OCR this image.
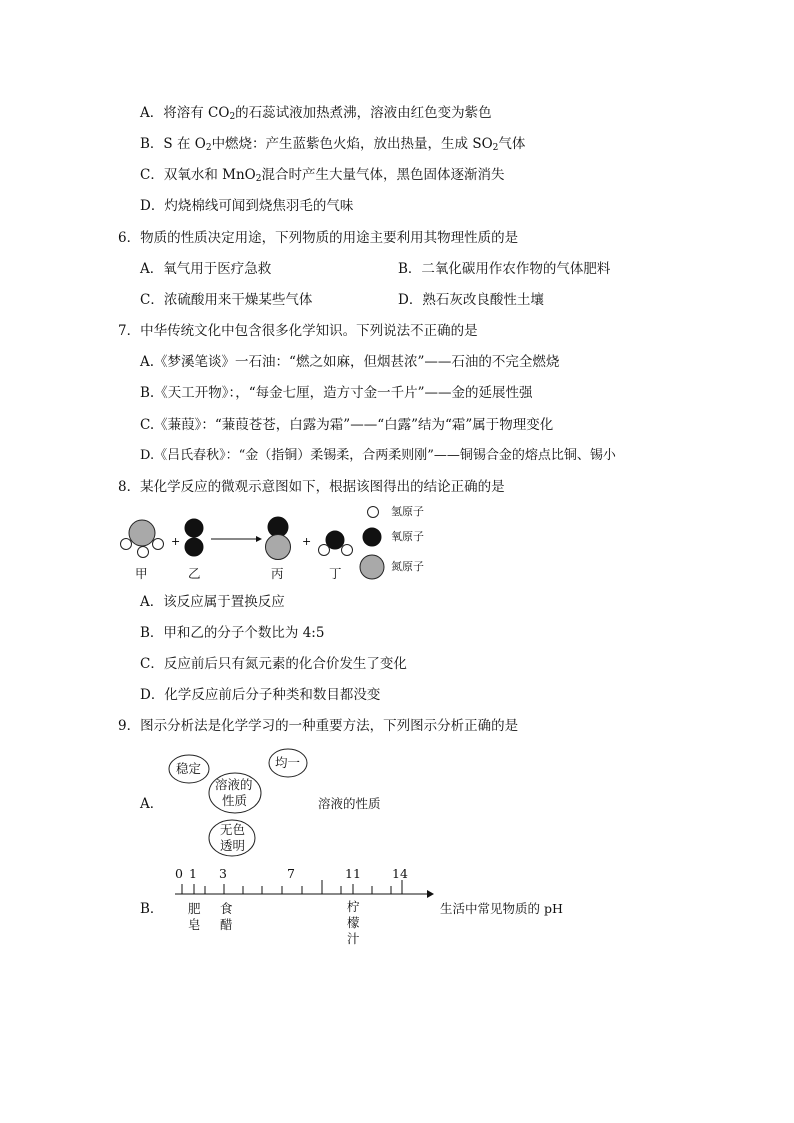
A．将溶有 $CO_2$的石蕊试液加热煮沸，溶液由红色变为紫色
B．S 在 $O_2$中燃烧：产生蓝紫色火焰，放出热量，生成 $SO_2$气体
C．双氧水和 MnO$_2$混合时产生大量气体，黑色固体逐渐消失
D．灼烧棉线可闻到烧焦羽毛的气味
6．物质的性质决定用途，下列物质的用途主要利用其物理性质的是
A．氧气用于医疗急救	B．二氧化碳用作农作物的气体肥料
C．浓硫酸用来干燥某些气体	D．熟石灰改良酸性土壤
7．中华传统文化中包含很多化学知识。下列说法不正确的是
A.《梦溪笔谈》一石油：“燃之如麻，但烟甚浓”——石油的不完全燃烧
B.《天工开物》：，“每金七厘，造方寸金一千片”——金的延展性强
C.《蒹葭》：“蒹葭苍苍，白露为霜”——“白露”结为“霜”属于物理变化
D.《吕氏春秋》：“金（指铜）柔锡柔，合两柔则刚”——铜锡合金的熔点比铜、锡小
8．某化学反应的微观示意图如下，根据该图得出的结论正确的是
+	+
甲	乙	丙	丁
氢原子
氧原子
氮原子
A．该反应属于置换反应
B．甲和乙的分子个数比为 4:5
C．反应前后只有氮元素的化合价发生了变化
D．化学反应前后分子种类和数目都没变
9．图示分析法是化学学习的一种重要方法，下列图示分析正确的是
稳定	均一
溶液的
性质
无色
透明
A．	溶液的性质
0 1 3	7	11 14
B． 肥
皂
食
醋
柠
檬
汁
生活中常见物质的 pH
